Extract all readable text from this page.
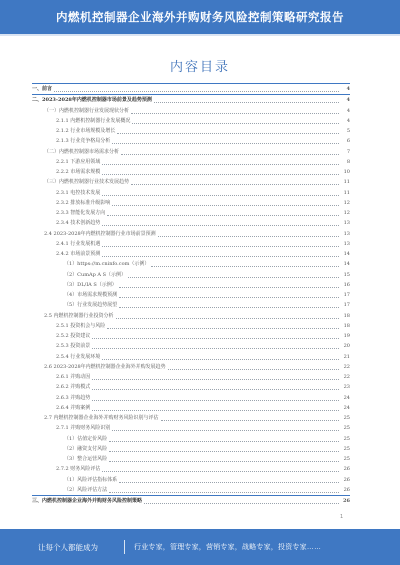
内燃机控制器企业海外并购财务风险控制策略研究报告
内容目录
一、前言	4
二、2023-2028年内燃机控制器市场前景及趋势预测	4
（一）内燃机控制器行业发展现状分析	4
2.1.1 内燃机控制器行业发展概况	4
2.1.2 行业市场规模及增长	5
2.1.3 行业竞争格局分析	6
（二）内燃机控制器市场需求分析	7
2.2.1 下游应用领域	8
2.2.2 市场需求规模	10
（三）内燃机控制器行业技术发展趋势	11
2.3.1 电控技术发展	11
2.3.2 排放标准升级影响	12
2.3.3 智能化发展方向	12
2.3.4 技术创新趋势	13
2.4 2023-2028年内燃机控制器行业市场前景预测	13
2.4.1 行业发展机遇	13
2.4.2 市场前景预测	14
（1）https://m.cninfo.com（示例）	14
（2）CumAp A S（示例）	15
（3）DL/IA S（示例）	16
（4）市场需求规模预测	17
（5）行业发展趋势展望	17
2.5 内燃机控制器行业投资分析	18
2.5.1 投资机会与风险	18
2.5.2 投资建议	19
2.5.3 投资前景	20
2.5.4 行业发展环境	21
2.6 2023-2028年内燃机控制器企业海外并购发展趋势	22
2.6.1 并购动因	22
2.6.2 并购模式	23
2.6.3 并购趋势	24
2.6.4 并购案例	24
2.7 内燃机控制器企业海外并购财务风险识别与评估	25
2.7.1 并购财务风险识别	25
（1）估值定价风险	25
（2）融资支付风险	25
（3）整合运营风险	25
2.7.2 财务风险评估	26
（1）风险评估指标体系	26
（2）风险评估方法	26
三、内燃机控制器企业海外并购财务风险控制策略	26
1
让每个人都能成为	行业专家，管理专家，营销专家，战略专家，投资专家……
